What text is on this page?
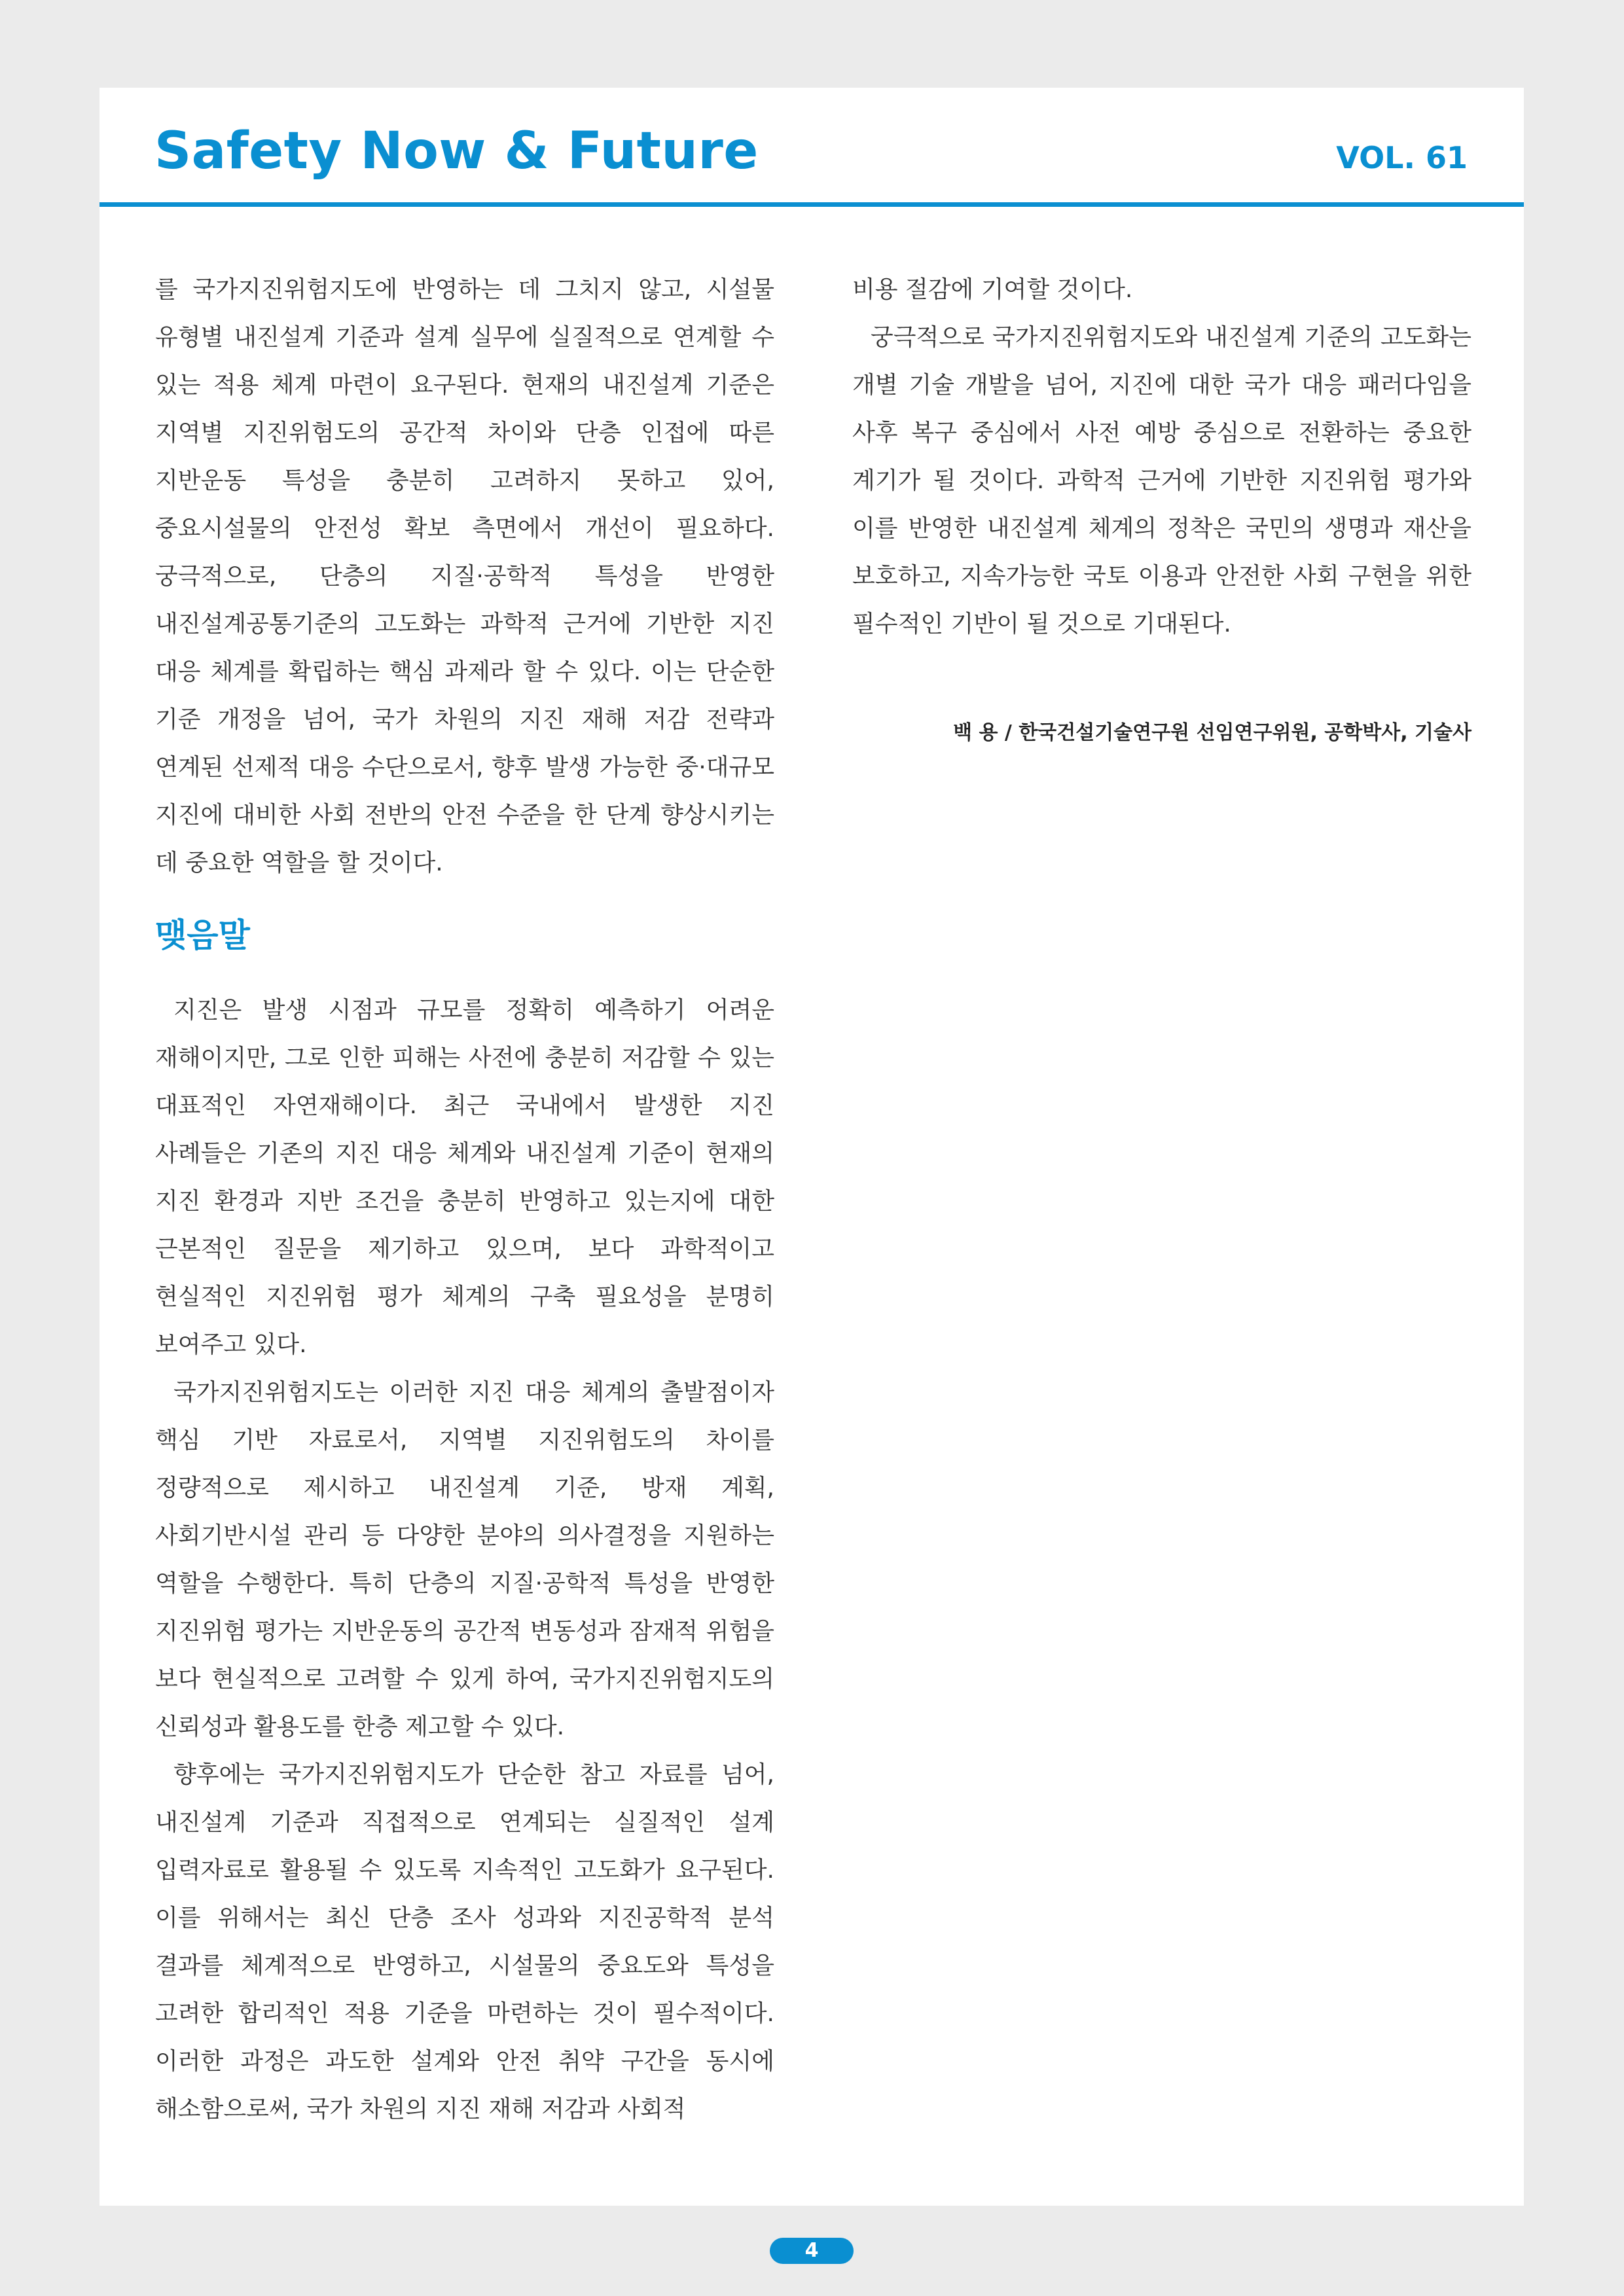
Safety Now & Future	VOL. 61

를 국가지진위험지도에 반영하는 데 그치지 않고, 시설물 유형별 내진설계 기준과 설계 실무에 실질적으로 연계할 수 있는 적용 체계 마련이 요구된다. 현재의 내진설계 기준은 지역별 지진위험도의 공간적 차이와 단층 인접에 따른 지반운동 특성을 충분히 고려하지 못하고 있어, 중요시설물의 안전성 확보 측면에서 개선이 필요하다. 궁극적으로, 단층의 지질·공학적 특성을 반영한 내진설계공통기준의 고도화는 과학적 근거에 기반한 지진 대응 체계를 확립하는 핵심 과제라 할 수 있다. 이는 단순한 기준 개정을 넘어, 국가 차원의 지진 재해 저감 전략과 연계된 선제적 대응 수단으로서, 향후 발생 가능한 중·대규모 지진에 대비한 사회 전반의 안전 수준을 한 단계 향상시키는 데 중요한 역할을 할 것이다.

맺음말

지진은 발생 시점과 규모를 정확히 예측하기 어려운 재해이지만, 그로 인한 피해는 사전에 충분히 저감할 수 있는 대표적인 자연재해이다. 최근 국내에서 발생한 지진 사례들은 기존의 지진 대응 체계와 내진설계 기준이 현재의 지진 환경과 지반 조건을 충분히 반영하고 있는지에 대한 근본적인 질문을 제기하고 있으며, 보다 과학적이고 현실적인 지진위험 평가 체계의 구축 필요성을 분명히 보여주고 있다.

국가지진위험지도는 이러한 지진 대응 체계의 출발점이자 핵심 기반 자료로서, 지역별 지진위험도의 차이를 정량적으로 제시하고 내진설계 기준, 방재 계획, 사회기반시설 관리 등 다양한 분야의 의사결정을 지원하는 역할을 수행한다. 특히 단층의 지질·공학적 특성을 반영한 지진위험 평가는 지반운동의 공간적 변동성과 잠재적 위험을 보다 현실적으로 고려할 수 있게 하여, 국가지진위험지도의 신뢰성과 활용도를 한층 제고할 수 있다.

향후에는 국가지진위험지도가 단순한 참고 자료를 넘어, 내진설계 기준과 직접적으로 연계되는 실질적인 설계 입력자료로 활용될 수 있도록 지속적인 고도화가 요구된다. 이를 위해서는 최신 단층 조사 성과와 지진공학적 분석 결과를 체계적으로 반영하고, 시설물의 중요도와 특성을 고려한 합리적인 적용 기준을 마련하는 것이 필수적이다. 이러한 과정은 과도한 설계와 안전 취약 구간을 동시에 해소함으로써, 국가 차원의 지진 재해 저감과 사회적

비용 절감에 기여할 것이다.

궁극적으로 국가지진위험지도와 내진설계 기준의 고도화는 개별 기술 개발을 넘어, 지진에 대한 국가 대응 패러다임을 사후 복구 중심에서 사전 예방 중심으로 전환하는 중요한 계기가 될 것이다. 과학적 근거에 기반한 지진위험 평가와 이를 반영한 내진설계 체계의 정착은 국민의 생명과 재산을 보호하고, 지속가능한 국토 이용과 안전한 사회 구현을 위한 필수적인 기반이 될 것으로 기대된다.

백 용 / 한국건설기술연구원 선임연구위원, 공학박사, 기술사

4
